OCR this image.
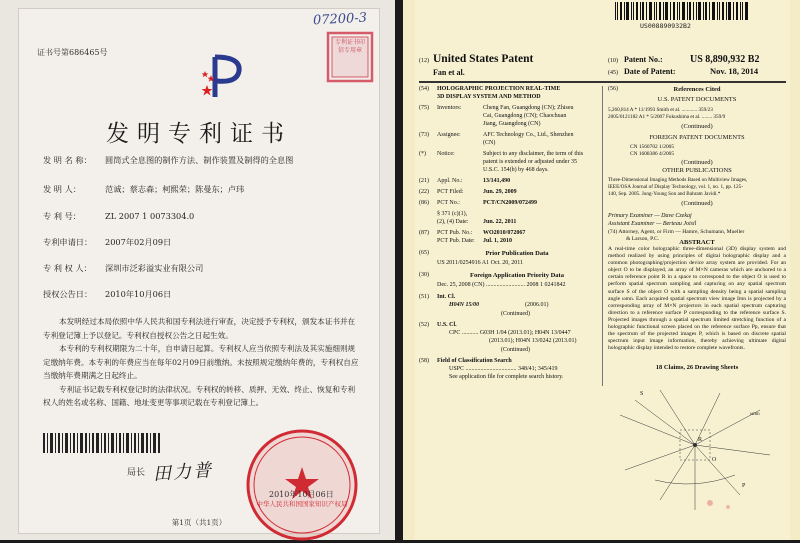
07200-3
证书号第686465号
专利证书印信专用章
发明专利证书
发 明 名 称： 圆筒式全息图的制作方法、制作装置及制得的全息图
发 明 人：	范诚；蔡志森；柯熙荣；陈曼东；卢玮
专 利 号：	ZL 2007 1 0073304.0
专利申请日： 2007年02月09日
专 利 权 人： 深圳市泛彩溢实业有限公司
授权公告日： 2010年10月06日

本发明经过本局依照中华人民共和国专利法进行审查，决定授予专利权，颁发本证书并在专利登记簿上予以登记。专利权自授权公告之日起生效。

本专利的专利权期限为二十年，自申请日起算。专利权人应当依照专利法及其实施细则规定缴纳年费。本专利的年费应当在每年02月09日前缴纳。未按照规定缴纳年费的，专利权自应当缴纳年费期满之日起终止。

专利证书记载专利权登记时的法律状况。专利权的转移、质押、无效、终止、恢复和专利权人的姓名或名称、国籍、地址变更等事项记载在专利登记簿上。

局长 田力普
中华人民共和国国家知识产权局
2010年10月06日
第1页（共1页）
US008890932B2
(12) United States Patent
Fan et al.
(10) Patent No.:	US 8,890,932 B2
(45) Date of Patent:	Nov. 18, 2014
(54) HOLOGRAPHIC PROJECTION REAL-TIME
3D DISPLAY SYSTEM AND METHOD
(75) Inventors:	Cheng Fan, Guangdong (CN); Zhiseu
Cai, Guangdong (CN); Chaochuan
Jiang, Guangdong (CN)
(73) Assignee:	AFC Technology Co., Ltd., Shenzhen
(CN)
(*) Notice:	Subject to any disclaimer, the term of this
patent is extended or adjusted under 35
U.S.C. 154(b) by 468 days.
(21) Appl. No.:	13/141,490
(22) PCT Filed:	Jun. 29, 2009
(86) PCT No.:	PCT/CN2009/072499
§ 371 (c)(1),
(2), (4) Date: Jun. 22, 2011
(87) PCT Pub. No.: WO2010/072067
PCT Pub. Date: Jul. 1, 2010
(65)	Prior Publication Data
US 2011/0254916 A1 Oct. 20, 2011
(30)	Foreign Application Priority Data
Dec. 25, 2008 (CN) .......................... 2008 1 0241842
(51) Int. Cl.
H04N 15/00	(2006.01)
(Continued)
(52) U.S. Cl.
CPC ........... G03H 1/04 (2013.01); H04N 13/0447
(2013.01); H04N 13/0242 (2013.01)
(Continued)
(58) Field of Classification Search
USPC .................................. 348/41; 345/419
See application file for complete search history.
(56)	References Cited
U.S. PATENT DOCUMENTS
5,260,814 A * 11/1993 Smith et al. ............ 359/23
2005/0121182 A1 * 5/2007 Fukushima et al. ........ 359/9
(Continued)
FOREIGN PATENT DOCUMENTS
CN 1560702 1/2005
CN 1608386 4/2005
(Continued)
OTHER PUBLICATIONS
Three-Dimensional Imaging Methods Based on Multiview Images,
IEEE/OSA Journal of Display Technology, vol. 1, no. 1, pp. 125-
140, Sep. 2005. Jung-Young Son and Bahram Javidi.*
(Continued)
Primary Examiner — Dave Czekaj
Assistant Examiner — Berteau Joisil
(74) Attorney, Agent, or Firm — Hamre, Schumann, Mueller
& Larson, P.C.	ABSTRACT
A real-time color holographic three-dimensional (3D) display system and method realized by using principles of digital holographic display and a common photographing/projection device array system are provided. For an object O to be displayed, an array of M×N cameras which are anchored to a certain reference point R in a space to correspond to the object O is used to perform spatial spectrum sampling and capturing on any spatial spectrum surface S of the object O with a sampling density being a spatial sampling angle ωmn. Each acquired spatial spectrum view image Imn is projected by a corresponding array of M×N projectors in each spatial spectrum capturing direction to a reference surface P corresponding to the reference surface S. Projected images through a spatial spectrum limited stretching function of a holographic functional screen placed on the reference surface Pp, ensure that the spectrum of the projected images P, which is based on discrete spatial spectrum input image information, thereby achieving ultimate digital holographic display intended to restore complete wavefronts.
18 Claims, 26 Drawing Sheets
R
O
S
P
ωmn
